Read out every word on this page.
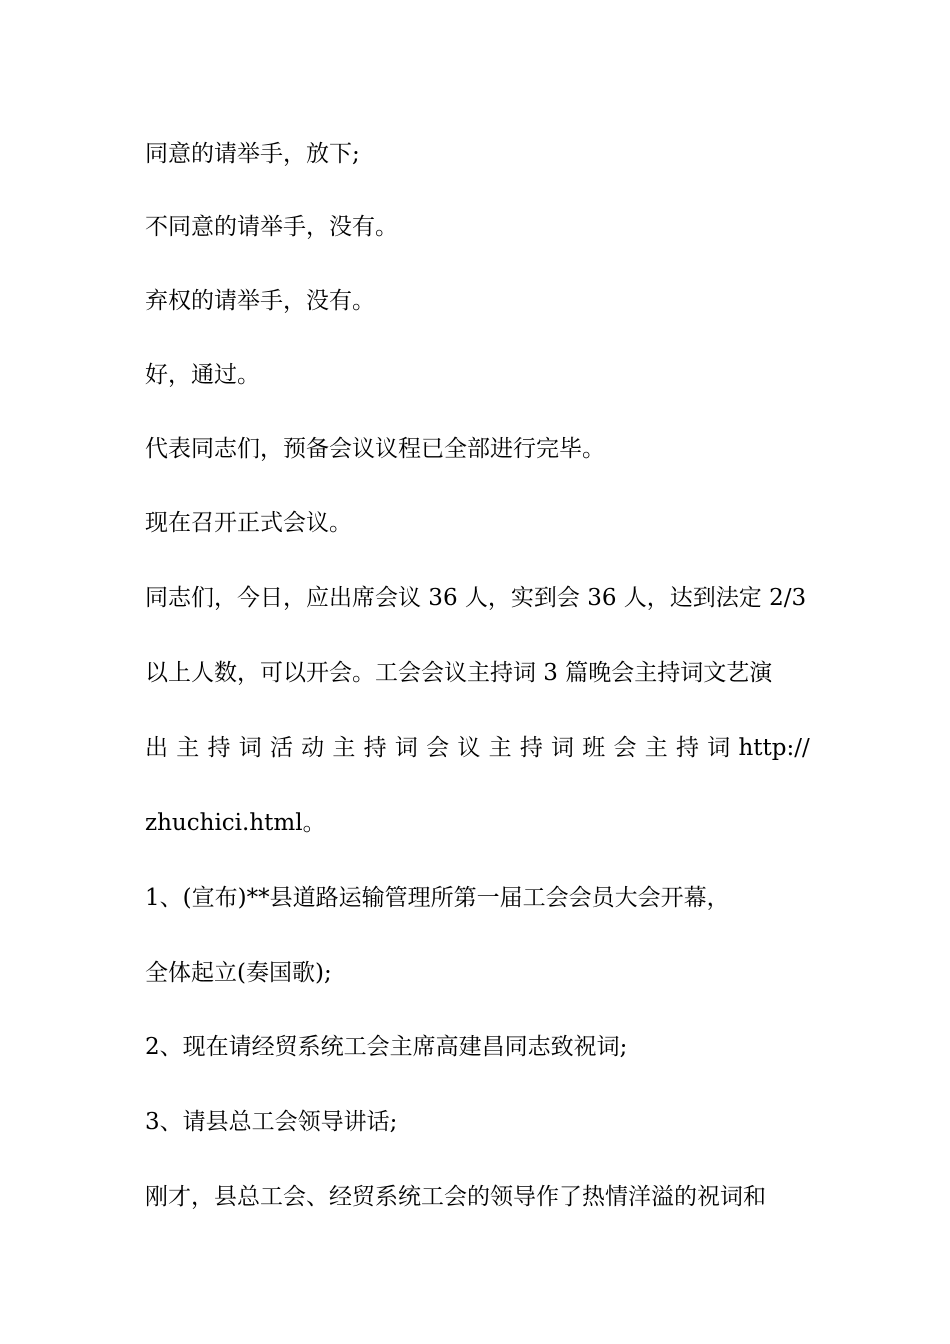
同意的请举手，放下;
不同意的请举手，没有。
弃权的请举手，没有。
好，通过。
代表同志们，预备会议议程已全部进行完毕。
现在召开正式会议。
同志们，今日，应出席会议 36 人，实到会 36 人，达到法定 2/3
以上人数，可以开会。工会会议主持词 3 篇晚会主持词文艺演
出 主 持 词 活 动 主 持 词 会 议 主 持 词 班 会 主 持 词 http://
zhuchici.html。
1、(宣布)**县道路运输管理所第一届工会会员大会开幕，
全体起立(奏国歌);
2、现在请经贸系统工会主席高建昌同志致祝词;
3、请县总工会领导讲话;
刚才，县总工会、经贸系统工会的领导作了热情洋溢的祝词和
